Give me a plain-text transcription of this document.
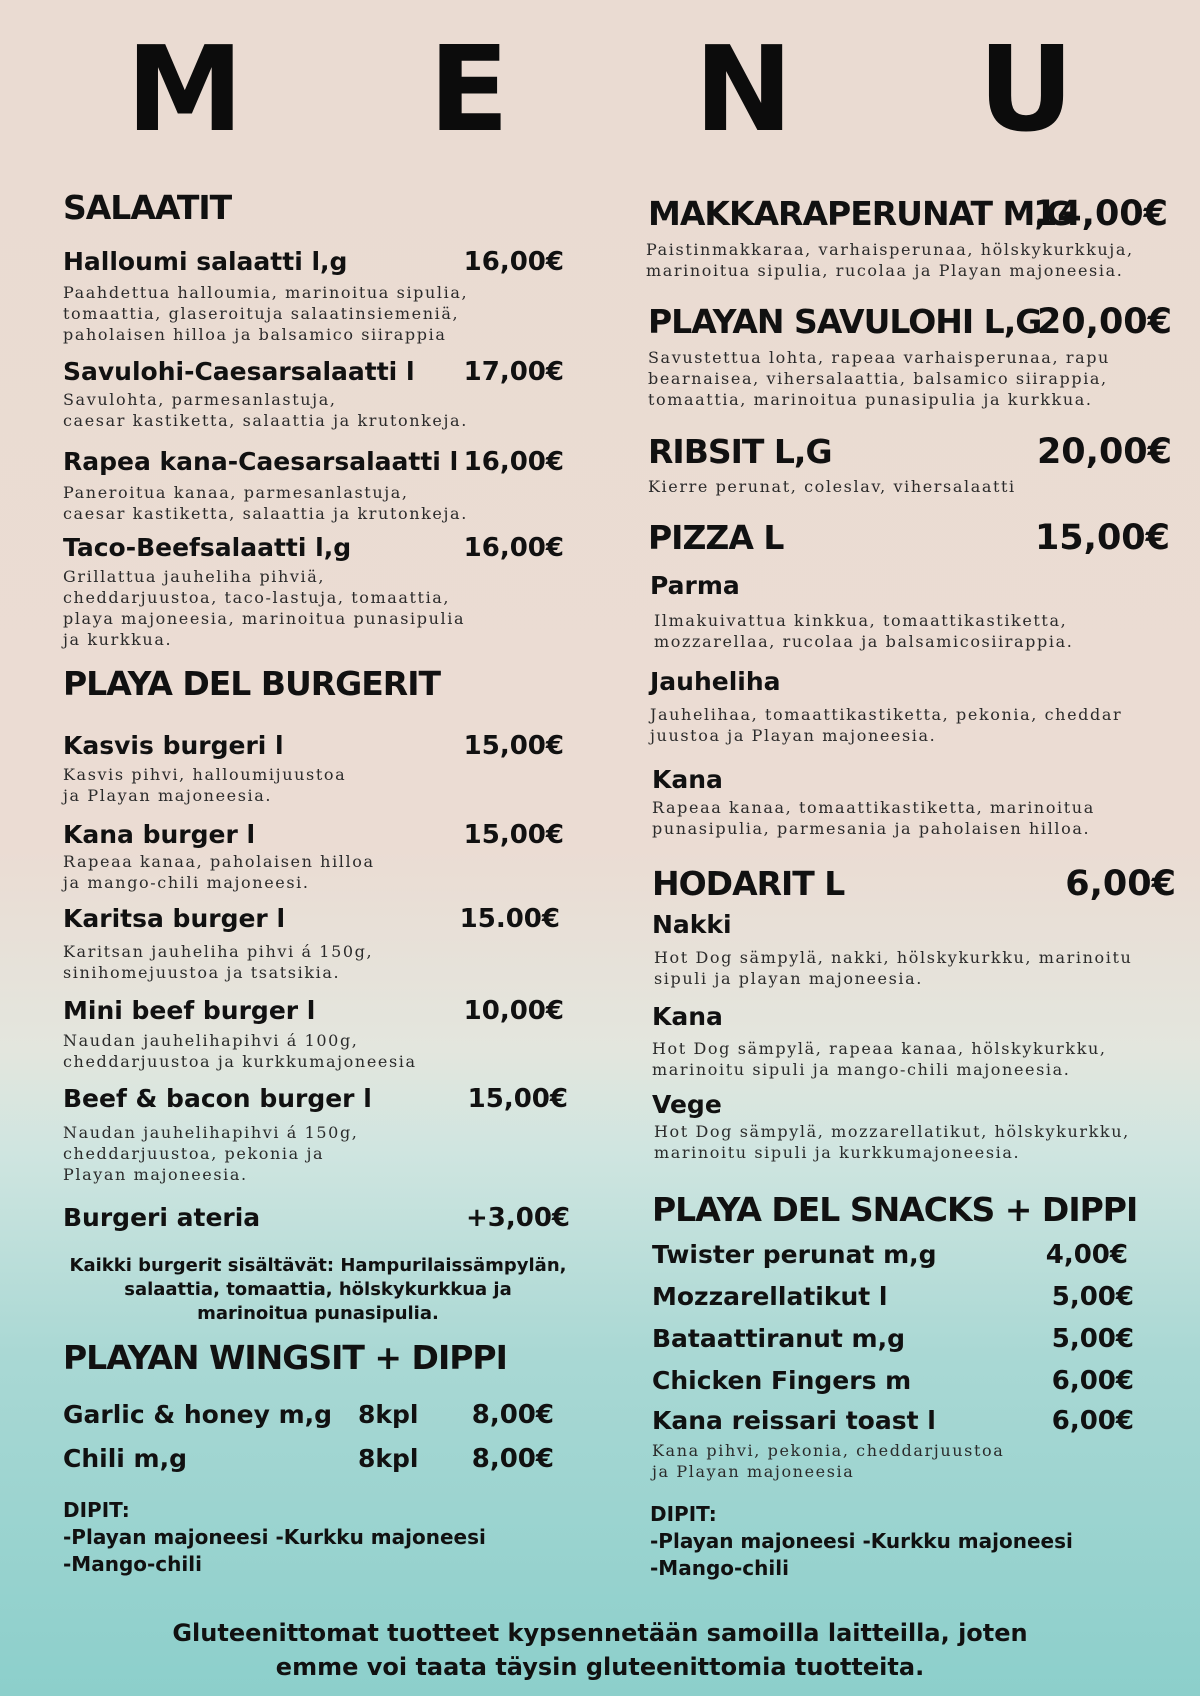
M E N U
SALAATIT
Halloumi salaatti l,g	16,00€
Paahdettua halloumia, marinoitua sipulia,
tomaattia, glaseroituja salaatinsiemeniä,
paholaisen hilloa ja balsamico siirappia
Savulohi-Caesarsalaatti l	17,00€
Savulohta, parmesanlastuja,
caesar kastiketta, salaattia ja krutonkeja.
Rapea kana-Caesarsalaatti l 16,00€
Paneroitua kanaa, parmesanlastuja,
caesar kastiketta, salaattia ja krutonkeja.
Taco-Beefsalaatti l,g	16,00€
Grillattua jauheliha pihviä,
cheddarjuustoa, taco-lastuja, tomaattia,
playa majoneesia, marinoitua punasipulia
ja kurkkua.
PLAYA DEL BURGERIT
Kasvis burgeri l	15,00€
Kasvis pihvi, halloumijuustoa
ja Playan majoneesia.
Kana burger l	15,00€
Rapeaa kanaa, paholaisen hilloa
ja mango-chili majoneesi.
Karitsa burger l	15.00€
Karitsan jauheliha pihvi á 150g,
sinihomejuustoa ja tsatsikia.
Mini beef burger l	10,00€
Naudan jauhelihapihvi á 100g,
cheddarjuustoa ja kurkkumajoneesia
Beef & bacon burger l	15,00€
Naudan jauhelihapihvi á 150g,
cheddarjuustoa, pekonia ja
Playan majoneesia.
Burgeri ateria	+3,00€
Kaikki burgerit sisältävät: Hampurilaissämpylän,
salaattia, tomaattia, hölskykurkkua ja
marinoitua punasipulia.
PLAYAN WINGSIT + DIPPI
Garlic & honey m,g 8kpl	8,00€
Chili m,g	8kpl	8,00€
DIPIT:
-Playan majoneesi -Kurkku majoneesi
-Mango-chili
MAKKARAPERUNAT M,G
14,00€
Paistinmakkaraa, varhaisperunaa, hölskykurkkuja,
marinoitua sipulia, rucolaa ja Playan majoneesia.
PLAYAN SAVULOHI L,G
20,00€
Savustettua lohta, rapeaa varhaisperunaa, rapu
bearnaisea, vihersalaattia, balsamico siirappia,
tomaattia, marinoitua punasipulia ja kurkkua.
RIBSIT L,G	20,00€
Kierre perunat, coleslav, vihersalaatti
PIZZA L	15,00€
Parma
Ilmakuivattua kinkkua, tomaattikastiketta,
mozzarellaa, rucolaa ja balsamicosiirappia.
Jauheliha
Jauhelihaa, tomaattikastiketta, pekonia, cheddar
juustoa ja Playan majoneesia.
Kana
Rapeaa kanaa, tomaattikastiketta, marinoitua
punasipulia, parmesania ja paholaisen hilloa.
HODARIT L	6,00€
Nakki
Hot Dog sämpylä, nakki, hölskykurkku, marinoitu
sipuli ja playan majoneesia.
Kana
Hot Dog sämpylä, rapeaa kanaa, hölskykurkku,
marinoitu sipuli ja mango-chili majoneesia.
Vege
Hot Dog sämpylä, mozzarellatikut, hölskykurkku,
marinoitu sipuli ja kurkkumajoneesia.
PLAYA DEL SNACKS + DIPPI
Twister perunat m,g	4,00€
Mozzarellatikut l	5,00€
Bataattiranut m,g	5,00€
Chicken Fingers m	6,00€
Kana reissari toast l	6,00€
Kana pihvi, pekonia, cheddarjuustoa
ja Playan majoneesia
DIPIT:
-Playan majoneesi -Kurkku majoneesi
-Mango-chili
Gluteenittomat tuotteet kypsennetään samoilla laitteilla, joten
emme voi taata täysin gluteenittomia tuotteita.
